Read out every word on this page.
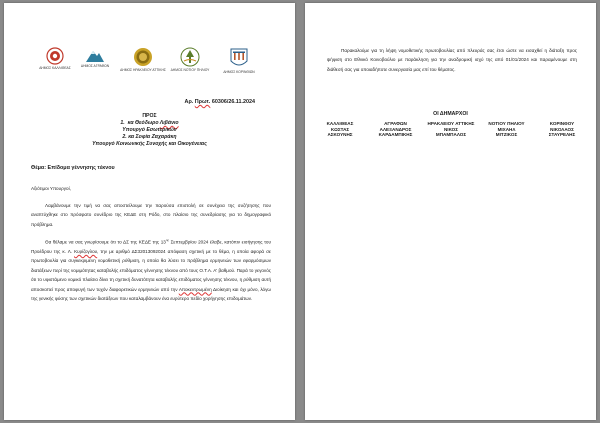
ΔΗΜΟΣ ΚΑΛΛΙΘΕΑΣ	ΔΗΜΟΣ ΑΓΡΑΦΩΝ
ΔΗΜΟΣ ΗΡΑΚΛΕΙΟΥ ΑΤΤΙΚΗΣ	ΔΗΜΟΣ ΝΟΤΙΟΥ ΠΗΛΙΟΥ	ΔΗΜΟΣ ΚΟΡΙΝΘΙΩΝ
Αρ. Πρωτ. 60306/26.11.2024
ΠΡΟΣ
1. κα Θεόδωρο Λιβάνιο
Υπουργό Εσωτερικών
2. κα Σοφία Ζαχαράκη
Υπουργό Κοινωνικής Συνοχής και Οικογένειας
Θέμα: Επίδομα γέννησης τέκνου
Αξιότιμοι Υπουργοί,
Λαμβάνουμε την τιμή να σας αποστείλουμε την παρούσα επιστολή σε συνέχεια της συζήτησης που αναπτύχθηκε στο πρόσφατο συνέδριο της ΚΕΔΕ στη Ρόδο, στο πλαίσιο της συνεδρίασης για το δημογραφικό πρόβλημα.
Θα θέλαμε να σας γνωρίσουμε ότι το ΔΣ της ΚΕΔΕ της $13^{\eta\varsigma}$ Σεπτεμβρίου 2024 έλαβε, κατόπιν εισήγησης του Προέδρου της κ. Λ. Κυρίζογλου, την με αριθμό ΔΣ32013092024 απόφαση σχετική με το θέμα, η οποία αφορά σε πρωτοβουλία για συγκεκριμένη νομοθετική ρύθμιση, η οποία θα λύσει το πρόβλημα ερμηνειών των εφαρμόσιμων διατάξεων περί της νομιμότητας καταβολής επιδόματος γέννησης τέκνου από τους Ο.Τ.Α. Α' βαθμού. Παρά το γεγονός ότι το υφιστάμενο νομικό πλαίσιο δίνει τη σχετική δυνατότητα καταβολής επιδόματος γέννησης τέκνου, η ρύθμιση αυτή αποσκοπεί προς αποφυγή των τυχόν διαφορετικών ερμηνειών από την Αποκεντρωμένη Διοίκηση και όχι μόνο, λόγω της γενικής φύσης των σχετικών διατάξεων που καταλαμβάνουν ένα ευρύτερο πεδίο χορήγησης επιδομάτων.
Παρακαλούμε για τη λήψη νομοθετικής πρωτοβουλίας από πλευράς σας έτσι ώστε να εισαχθεί η διάταξη προς ψήφιση στο Εθνικό Κοινοβούλιο με παράκληση για την αναδρομική ισχύ της από 01/01/2024 και παραμένουμε στη διάθεσή σας για οποιαδήποτε συνεργασία μας επί του θέματος.
ΟΙ ΔΗΜΑΡΧΟΙ
ΚΑΛΛΙΘΕΑΣ
ΚΩΣΤΑΣ
ΑΣΚΟΥΝΗΣ
ΑΓΡΑΦΩΝ
ΑΛΕΞΑΝΔΡΟΣ
ΚΑΡΔΑΜΠΙΚΗΣ
ΗΡΑΚΛΕΙΟΥ ΑΤΤΙΚΗΣ
ΝΙΚΟΣ
ΜΠΑΜΠΑΛΟΣ
ΝΟΤΙΟΥ ΠΗΛΙΟΥ
ΜΙΧΑΗΛ
ΜΙΤΖΙΚΟΣ
ΚΟΡΙΝΘΟΥ
ΝΙΚΟΛΑΟΣ
ΣΤΑΥΡΕΛΗΣ
